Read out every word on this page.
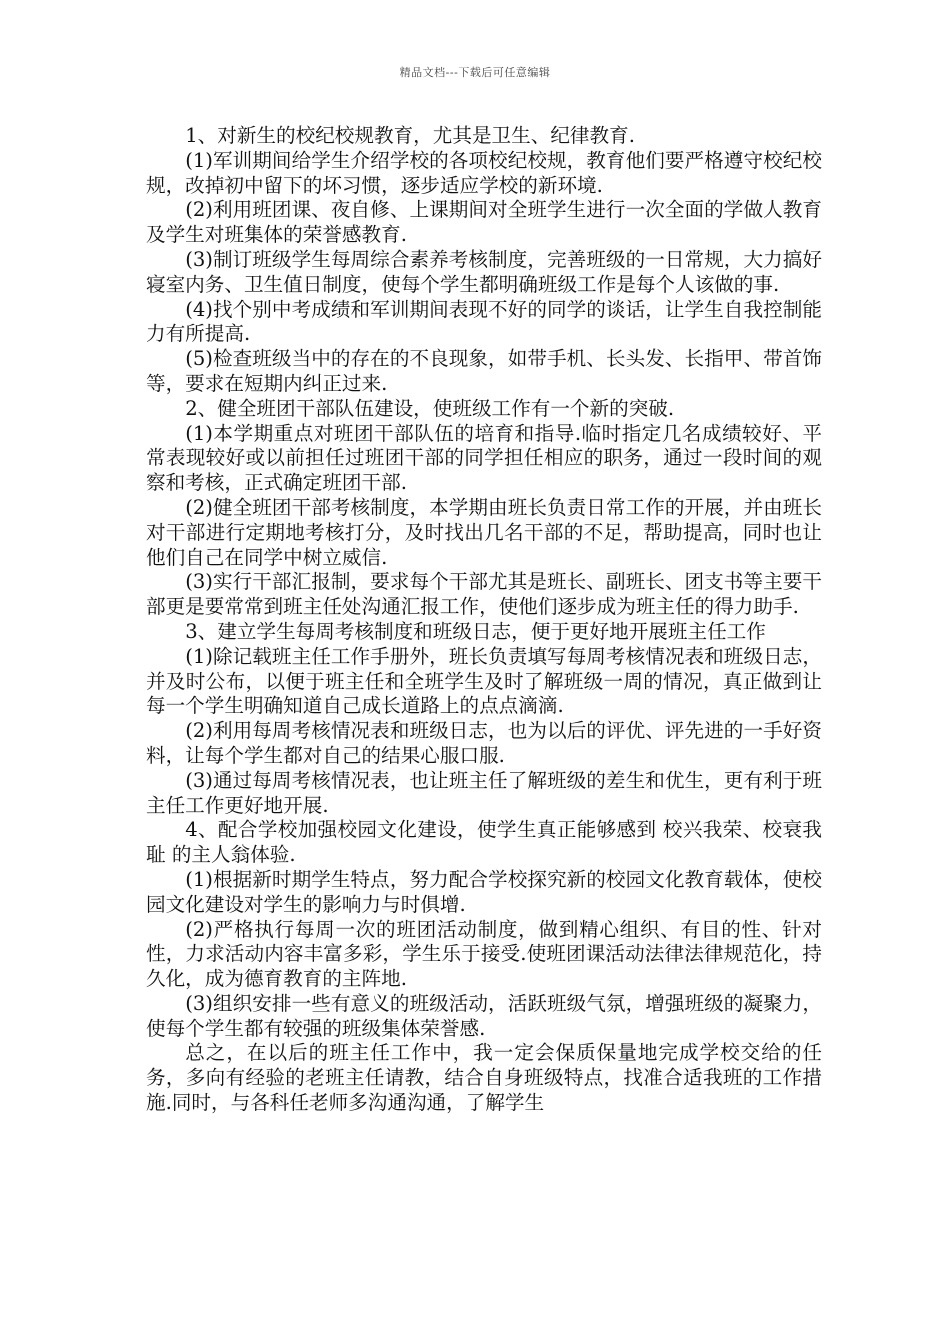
精品文档---下载后可任意编辑

1、对新生的校纪校规教育，尤其是卫生、纪律教育.

(1)军训期间给学生介绍学校的各项校纪校规，教育他们要严格遵守校纪校规，改掉初中留下的坏习惯，逐步适应学校的新环境.

(2)利用班团课、夜自修、上课期间对全班学生进行一次全面的学做人教育及学生对班集体的荣誉感教育.

(3)制订班级学生每周综合素养考核制度，完善班级的一日常规，大力搞好寝室内务、卫生值日制度，使每个学生都明确班级工作是每个人该做的事.

(4)找个别中考成绩和军训期间表现不好的同学的谈话，让学生自我控制能力有所提高.

(5)检查班级当中的存在的不良现象，如带手机、长头发、长指甲、带首饰等，要求在短期内纠正过来.

2、健全班团干部队伍建设，使班级工作有一个新的突破.

(1)本学期重点对班团干部队伍的培育和指导.临时指定几名成绩较好、平常表现较好或以前担任过班团干部的同学担任相应的职务，通过一段时间的观察和考核，正式确定班团干部.

(2)健全班团干部考核制度，本学期由班长负责日常工作的开展，并由班长对干部进行定期地考核打分，及时找出几名干部的不足，帮助提高，同时也让他们自己在同学中树立威信.

(3)实行干部汇报制，要求每个干部尤其是班长、副班长、团支书等主要干部更是要常常到班主任处沟通汇报工作，使他们逐步成为班主任的得力助手.

3、建立学生每周考核制度和班级日志，便于更好地开展班主任工作

(1)除记载班主任工作手册外，班长负责填写每周考核情况表和班级日志，并及时公布，以便于班主任和全班学生及时了解班级一周的情况，真正做到让每一个学生明确知道自己成长道路上的点点滴滴.

(2)利用每周考核情况表和班级日志，也为以后的评优、评先进的一手好资料，让每个学生都对自己的结果心服口服.

(3)通过每周考核情况表，也让班主任了解班级的差生和优生，更有利于班主任工作更好地开展.

4、配合学校加强校园文化建设，使学生真正能够感到 校兴我荣、校衰我耻 的主人翁体验.

(1)根据新时期学生特点，努力配合学校探究新的校园文化教育载体，使校园文化建设对学生的影响力与时俱增.

(2)严格执行每周一次的班团活动制度，做到精心组织、有目的性、针对性，力求活动内容丰富多彩，学生乐于接受.使班团课活动法律法律规范化，持久化，成为德育教育的主阵地.

(3)组织安排一些有意义的班级活动，活跃班级气氛，增强班级的凝聚力，使每个学生都有较强的班级集体荣誉感.

总之，在以后的班主任工作中，我一定会保质保量地完成学校交给的任务，多向有经验的老班主任请教，结合自身班级特点，找准合适我班的工作措施.同时，与各科任老师多沟通沟通，了解学生
